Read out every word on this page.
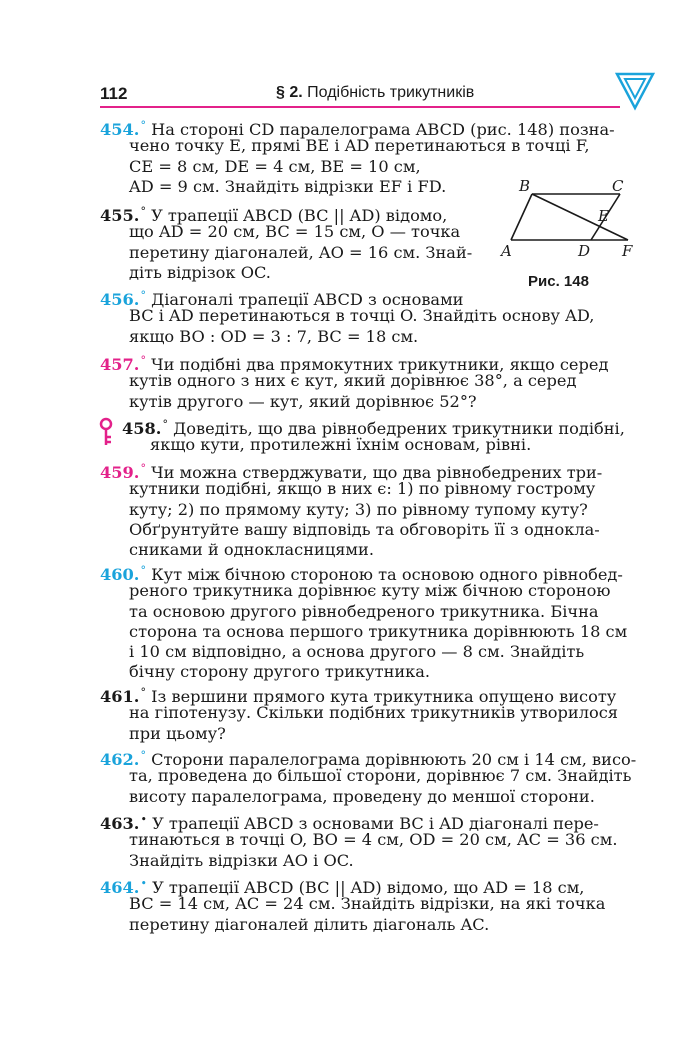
112	§ 2. Подібність трикутників
B	C
E
A	D F
Рис. 148
454.° На стороні CD паралелограма ABCD (рис. 148) позна-
чено точку E, прямі BE і AD перетинаються в точці F,
CE = 8 см, DE = 4 см, BE = 10 см,
AD = 9 см. Знайдіть відрізки EF і FD.
455.° У трапеції ABCD (BC || AD) відомо,
що AD = 20 см, BC = 15 см, O — точка
перетину діагоналей, AO = 16 см. Знай-
діть відрізок OC.
456.° Діагоналі трапеції ABCD з основами
BC і AD перетинаються в точці O. Знайдіть основу AD,
якщо BO : OD = 3 : 7, BC = 18 см.
457.° Чи подібні два прямокутних трикутники, якщо серед
кутів одного з них є кут, який дорівнює 38°, а серед
кутів другого — кут, який дорівнює 52°?
458.° Доведіть, що два рівнобедрених трикутники подібні,
якщо кути, протилежні їхнім основам, рівні.
459.° Чи можна стверджувати, що два рівнобедрених три-
кутники подібні, якщо в них є: 1) по рівному гострому
куту; 2) по прямому куту; 3) по рівному тупому куту?
Обґрунтуйте вашу відповідь та обговоріть її з однокла-
сниками й однокласницями.
460.° Кут між бічною стороною та основою одного рівнобед-
реного трикутника дорівнює куту між бічною стороною
та основою другого рівнобедреного трикутника. Бічна
сторона та основа першого трикутника дорівнюють 18 см
і 10 см відповідно, а основа другого — 8 см. Знайдіть
бічну сторону другого трикутника.
461.° Із вершини прямого кута трикутника опущено висоту
на гіпотенузу. Скільки подібних трикутників утворилося
при цьому?
462.° Сторони паралелограма дорівнюють 20 см і 14 см, висо-
та, проведена до більшої сторони, дорівнює 7 см. Знайдіть
висоту паралелограма, проведену до меншої сторони.
463.• У трапеції ABCD з основами BC і AD діагоналі пере-
тинаються в точці O, BO = 4 см, OD = 20 см, AC = 36 см.
Знайдіть відрізки AO і OC.
464.• У трапеції ABCD (BC || AD) відомо, що AD = 18 см,
BC = 14 см, AC = 24 см. Знайдіть відрізки, на які точка
перетину діагоналей ділить діагональ AC.
